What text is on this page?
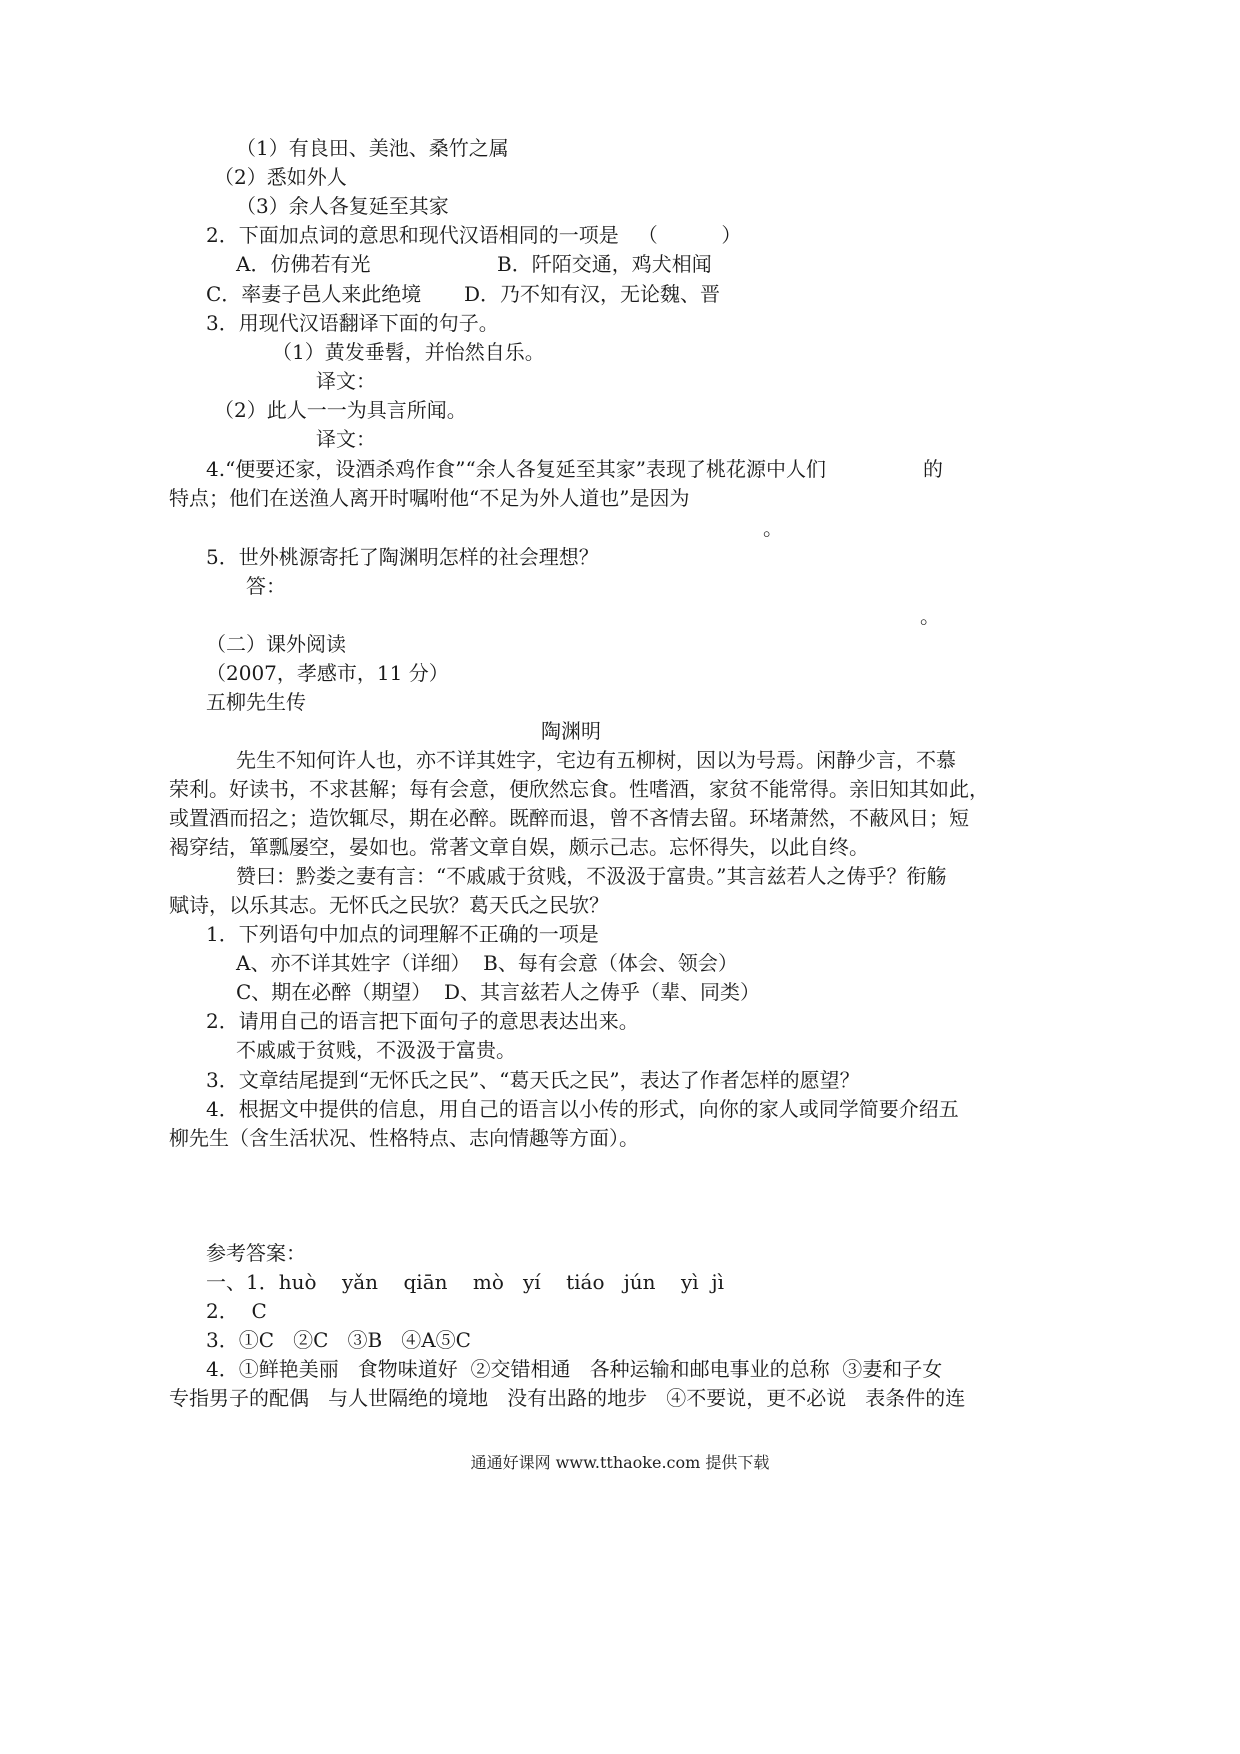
（1）有良田、美池、桑竹之属
（2）悉如外人
（3）余人各复延至其家
2．下面加点词的意思和现代汉语相同的一项是   （          ）
A．仿佛若有光	B．阡陌交通，鸡犬相闻
C．率妻子邑人来此绝境 D．乃不知有汉，无论魏、晋
3．用现代汉语翻译下面的句子。
（1）黄发垂髫，并怡然自乐。
译文：
（2）此人一一为具言所闻。
译文：
4.“便要还家，设酒杀鸡作食”“余人各复延至其家”表现了桃花源中人们	的
特点；他们在送渔人离开时嘱咐他“不足为外人道也”是因为
。
5．世外桃源寄托了陶渊明怎样的社会理想？
答：
。
（二）课外阅读
（2007，孝感市，11 分）
五柳先生传
陶渊明
先生不知何许人也，亦不详其姓字，宅边有五柳树，因以为号焉。闲静少言，不慕
荣利。好读书，不求甚解；每有会意，便欣然忘食。性嗜酒，家贫不能常得。亲旧知其如此，
或置酒而招之；造饮辄尽，期在必醉。既醉而退，曾不吝情去留。环堵萧然，不蔽风日；短
褐穿结，箪瓢屡空，晏如也。常著文章自娱，颇示己志。忘怀得失，以此自终。
赞曰：黔娄之妻有言：“不戚戚于贫贱，不汲汲于富贵。”其言兹若人之俦乎？衔觞
赋诗，以乐其志。无怀氏之民欤？葛天氏之民欤？
1．下列语句中加点的词理解不正确的一项是
A、亦不详其姓字（详细）  B、每有会意（体会、领会）
C、期在必醉（期望）  D、其言兹若人之俦乎（辈、同类）
2．请用自己的语言把下面句子的意思表达出来。
不戚戚于贫贱，不汲汲于富贵。
3．文章结尾提到“无怀氏之民”、“葛天氏之民”，表达了作者怎样的愿望？
4．根据文中提供的信息，用自己的语言以小传的形式，向你的家人或同学简要介绍五
柳先生（含生活状况、性格特点、志向情趣等方面）。
参考答案：
一、1．huò    yǎn    qiān    mò   yí    tiáo   jún    yì  jì
2．  C
3．①C   ②C   ③B   ④A⑤C
4．①鲜艳美丽   食物味道好  ②交错相通   各种运输和邮电事业的总称  ③妻和子女
专指男子的配偶   与人世隔绝的境地   没有出路的地步   ④不要说，更不必说   表条件的连
通通好课网 www.tthaoke.com 提供下载
